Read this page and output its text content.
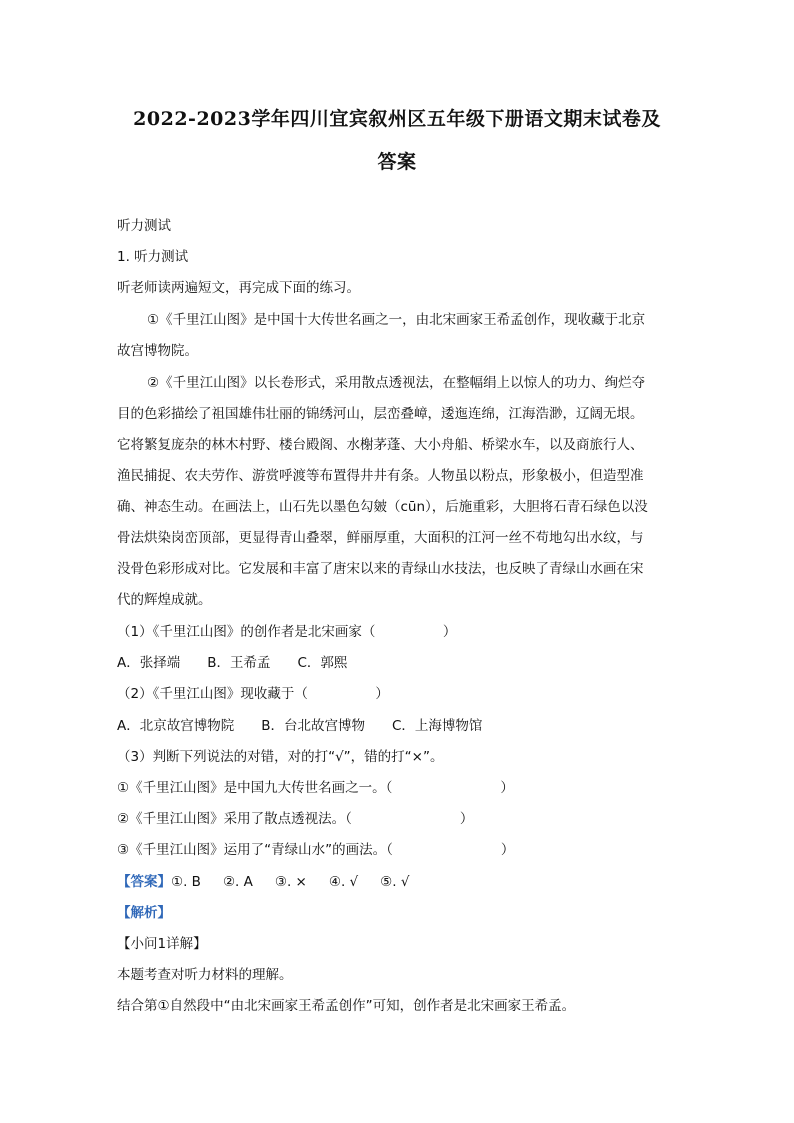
2022-2023学年四川宜宾叙州区五年级下册语文期末试卷及
答案
听力测试
1. 听力测试
听老师读两遍短文，再完成下面的练习。
①《千里江山图》是中国十大传世名画之一，由北宋画家王希孟创作，现收藏于北京
故宫博物院。
②《千里江山图》以长卷形式，采用散点透视法，在整幅绢上以惊人的功力、绚烂夺
目的色彩描绘了祖国雄伟壮丽的锦绣河山，层峦叠嶂，逶迤连绵，江海浩渺，辽阔无垠。
它将繁复庞杂的林木村野、楼台殿阁、水榭茅蓬、大小舟船、桥梁水车，以及商旅行人、
渔民捕捉、农夫劳作、游赏呼渡等布置得井井有条。人物虽以粉点，形象极小，但造型准
确、神态生动。在画法上，山石先以墨色勾皴（cūn），后施重彩，大胆将石青石绿色以没
骨法烘染岗峦顶部，更显得青山叠翠，鲜丽厚重，大面积的江河一丝不苟地勾出水纹，与
没骨色彩形成对比。它发展和丰富了唐宋以来的青绿山水技法，也反映了青绿山水画在宋
代的辉煌成就。
（1）《千里江山图》的创作者是北宋画家（　　　　　）
A．张择端　　B．王希孟　　C．郭熙
（2）《千里江山图》现收藏于（　　　　　）
A．北京故宫博物院　　B．台北故宫博物　　C．上海博物馆
（3）判断下列说法的对错，对的打“√”，错的打“×”。
①《千里江山图》是中国九大传世名画之一。（　　　　　　　　）
②《千里江山图》采用了散点透视法。（　　　　　　　　）
③《千里江山图》运用了“青绿山水”的画法。（　　　　　　　　）
【答案】①. B ②. A ③. × ④. √ ⑤. √
【解析】
【小问1详解】
本题考查对听力材料的理解。
结合第①自然段中“由北宋画家王希孟创作”可知，创作者是北宋画家王希孟。
